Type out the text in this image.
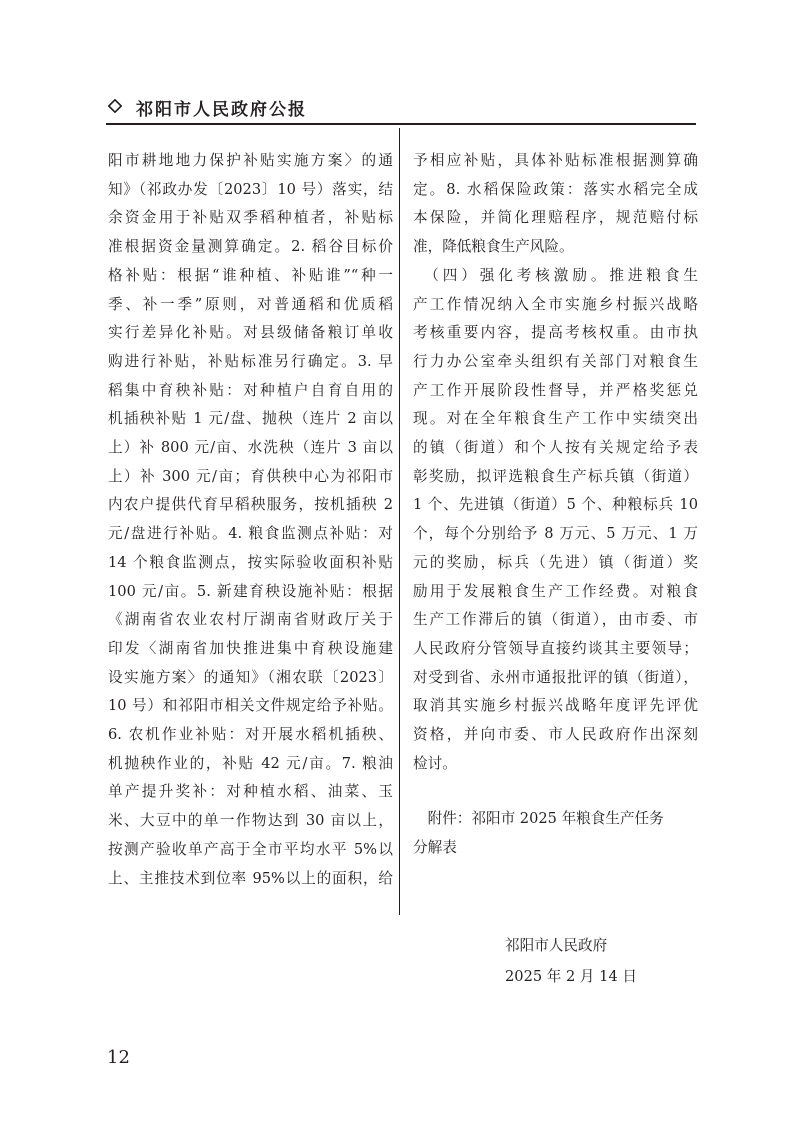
祁阳市人民政府公报

阳市耕地地力保护补贴实施方案〉的通

知》（祁政办发〔2023〕10 号）落实，结

余资金用于补贴双季稻种植者，补贴标

准根据资金量测算确定。2. 稻谷目标价

格补贴：根据“谁种植、补贴谁”“种一

季、补一季”原则，对普通稻和优质稻

实行差异化补贴。对县级储备粮订单收

购进行补贴，补贴标准另行确定。3. 早

稻集中育秧补贴：对种植户自育自用的

机插秧补贴 1 元/盘、抛秧（连片 2 亩以

上）补 800 元/亩、水洗秧（连片 3 亩以

上）补 300 元/亩；育供秧中心为祁阳市

内农户提供代育早稻秧服务，按机插秧 2

元/盘进行补贴。4. 粮食监测点补贴：对

14 个粮食监测点，按实际验收面积补贴

100 元/亩。5. 新建育秧设施补贴：根据

《湖南省农业农村厅湖南省财政厅关于

印发〈湖南省加快推进集中育秧设施建

设实施方案〉的通知》（湘农联〔2023〕

10 号）和祁阳市相关文件规定给予补贴。

6. 农机作业补贴：对开展水稻机插秧、

机抛秧作业的，补贴 42 元/亩。7. 粮油

单产提升奖补：对种植水稻、油菜、玉

米、大豆中的单一作物达到 30 亩以上，

按测产验收单产高于全市平均水平 5%以

上、主推技术到位率 95%以上的面积，给

予相应补贴，具体补贴标准根据测算确

定。8. 水稻保险政策：落实水稻完全成

本保险，并简化理赔程序，规范赔付标

准，降低粮食生产风险。

　（四）强化考核激励。推进粮食生

产工作情况纳入全市实施乡村振兴战略

考核重要内容，提高考核权重。由市执

行力办公室牵头组织有关部门对粮食生

产工作开展阶段性督导，并严格奖惩兑

现。对在全年粮食生产工作中实绩突出

的镇（街道）和个人按有关规定给予表

彰奖励，拟评选粮食生产标兵镇（街道）

1 个、先进镇（街道）5 个、种粮标兵 10

个，每个分别给予 8 万元、5 万元、1 万

元的奖励，标兵（先进）镇（街道）奖

励用于发展粮食生产工作经费。对粮食

生产工作滞后的镇（街道），由市委、市

人民政府分管领导直接约谈其主要领导；

对受到省、永州市通报批评的镇（街道），

取消其实施乡村振兴战略年度评先评优

资格，并向市委、市人民政府作出深刻

检讨。

　附件：祁阳市 2025 年粮食生产任务

分解表

祁阳市人民政府

2025 年 2 月 14 日

12
